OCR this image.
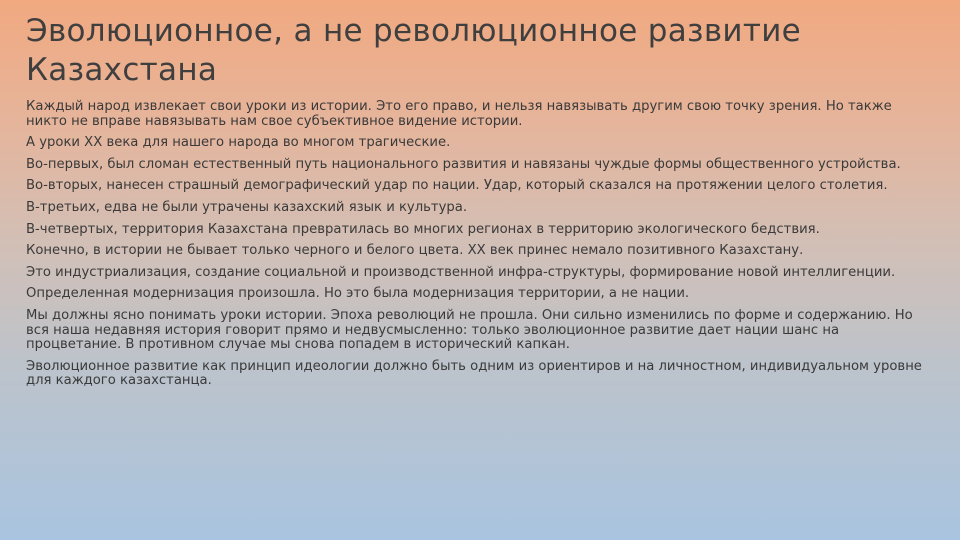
Эволюционное, а не революционное развитие Казахстана

Каждый народ извлекает свои уроки из истории. Это его право, и нельзя навязывать другим свою точку зрения. Но также никто не вправе навязывать нам свое субъективное видение истории.

А уроки ХХ века для нашего народа во многом трагические.

Во-первых, был сломан естественный путь национального развития и навязаны чуждые формы общественного устройства.

Во-вторых, нанесен страшный демографический удар по нации. Удар, который сказался на протяжении целого столетия.

В-третьих, едва не были утрачены казахский язык и культура.

В-четвертых, территория Казахстана превратилась во многих регионах в территорию экологического бедствия.

Конечно, в истории не бывает только черного и белого цвета. ХХ век принес немало позитивного Казахстану.

Это индустриализация, создание социальной и производственной инфра-структуры, формирование новой интеллигенции.

Определенная модернизация произошла. Но это была модернизация территории, а не нации.

Мы должны ясно понимать уроки истории. Эпоха революций не прошла. Они сильно изменились по форме и содержанию. Но вся наша недавняя история говорит прямо и недвусмысленно: только эволюционное развитие дает нации шанс на процветание. В противном случае мы снова попадем в исторический капкан.

Эволюционное развитие как принцип идеологии должно быть одним из ориентиров и на личностном, индивидуальном уровне для каждого казахстанца.
